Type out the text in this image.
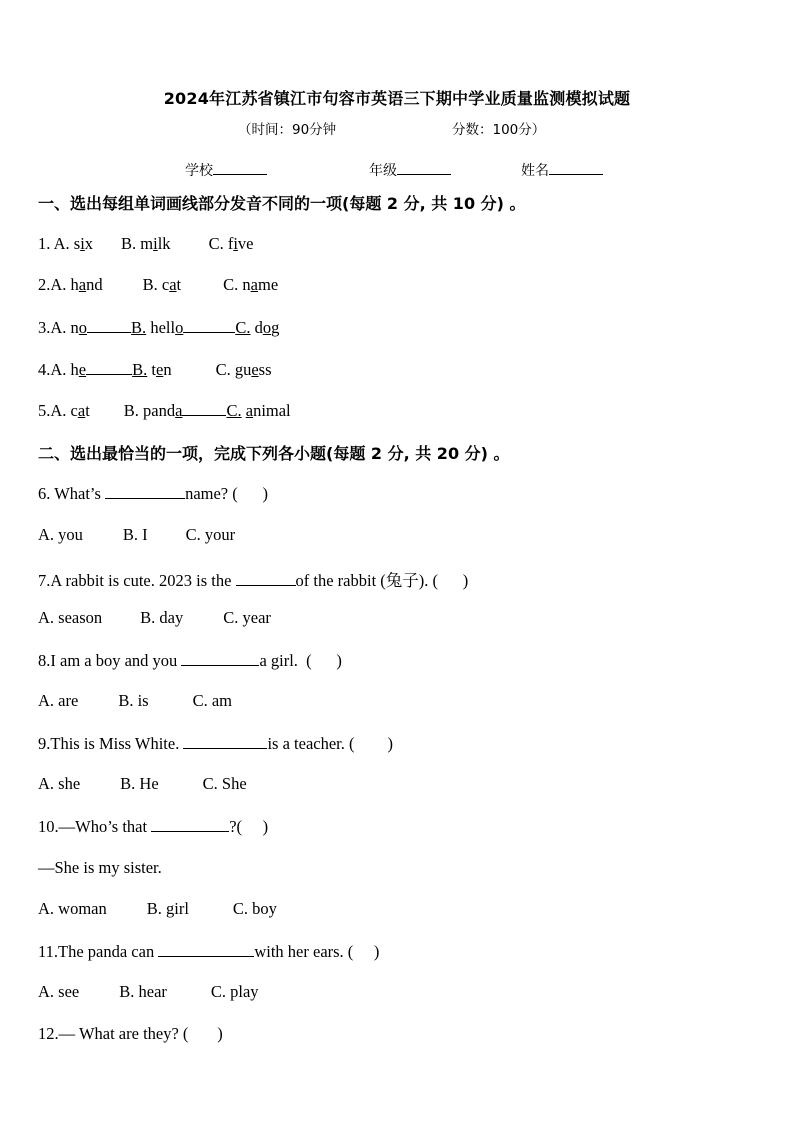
2024年江苏省镇江市句容市英语三下期中学业质量监测模拟试题
（时间：90分钟	分数：100分）
学校	年级	姓名
一、选出每组单词画线部分发音不同的一项(每题 2 分, 共 10 分) 。
1. A. six B. milk C. five
2.A. hand B. cat	C. name
3.A. no	B. hello	C. dog
4.A. he	B. ten	C. guess
5.A. cat B. panda	C. animal
二、选出最恰当的一项，完成下列各小题(每题 2 分, 共 20 分) 。
6. What’s	name? (      )
A. you B. I C. your
7.A rabbit is cute. 2023 is the	of the rabbit (兔子). (      )
A. season B. day C. year
8.I am a boy and you	a girl.  (      )
A. are B. is	C. am
9.This is Miss White.	is a teacher. (        )
A. she B. He	C. She
10.—Who’s that	?(     )
—She is my sister.
A. woman B. girl	C. boy
11.The panda can	with her ears. (     )
A. see B. hear	C. play
12.— What are they? (       )
